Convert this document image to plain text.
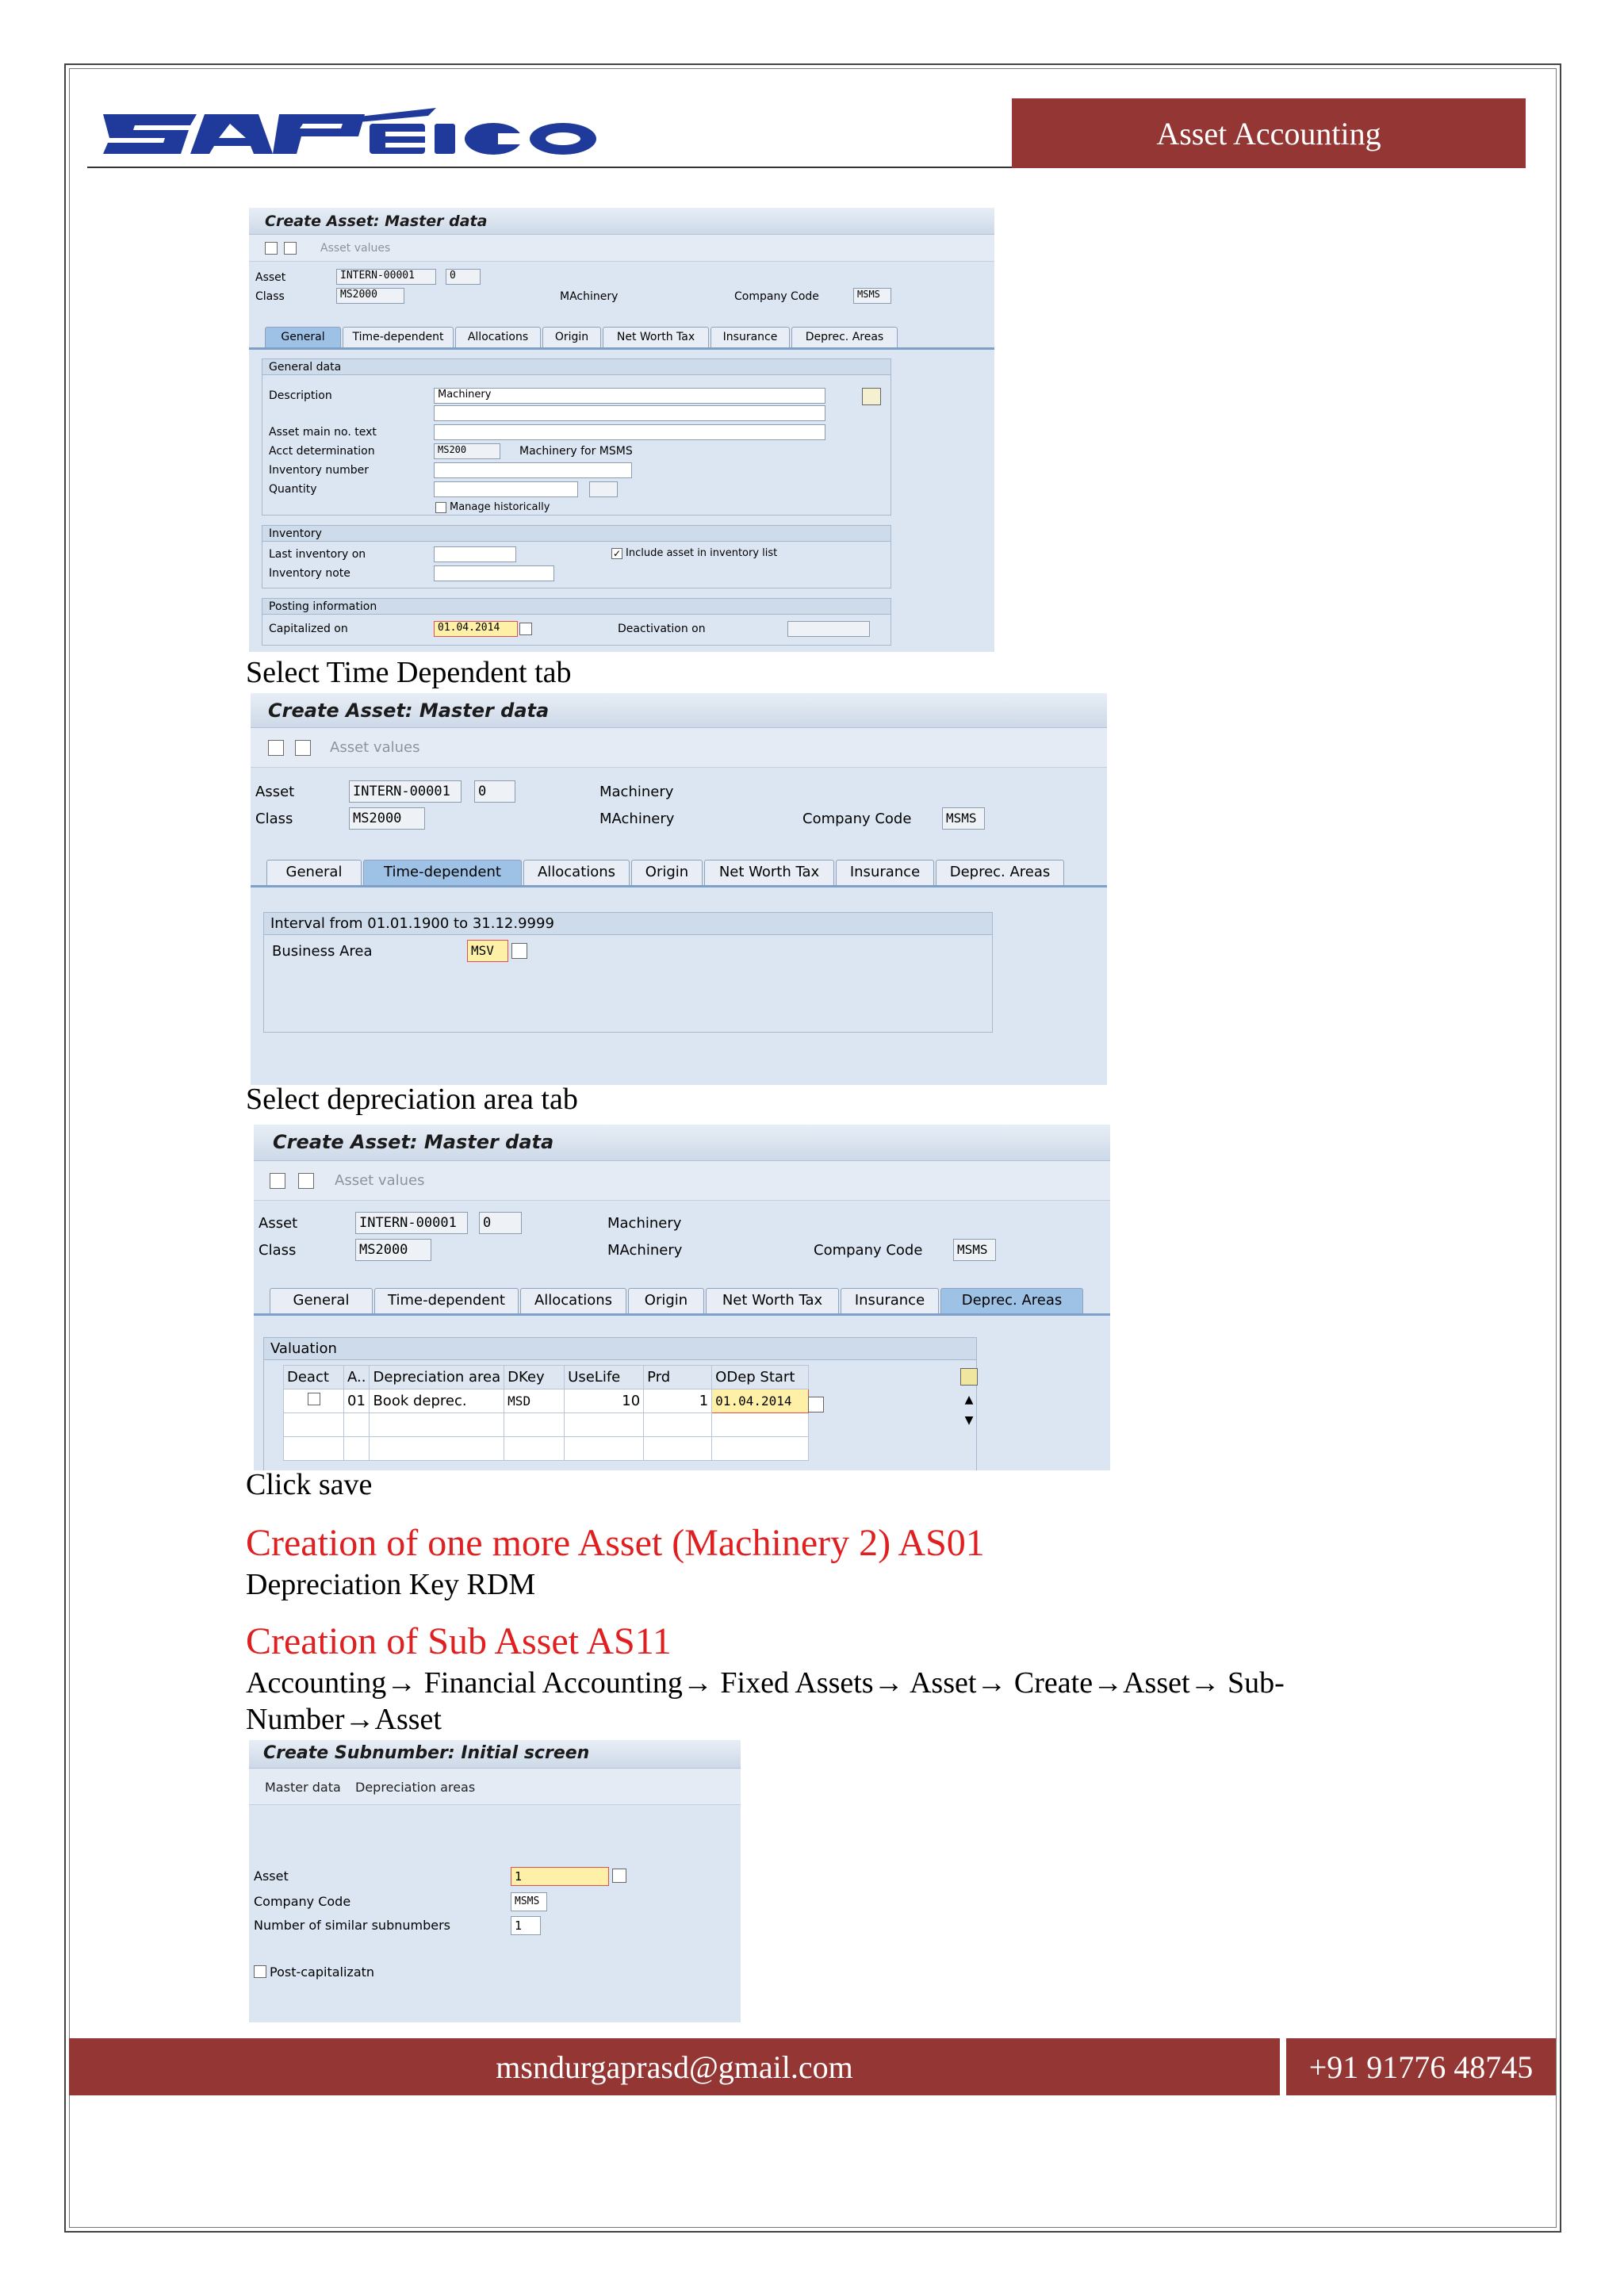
Asset Accounting
Create Asset: Master data
Asset values
Asset	INTERN-00001	0
Class	MS2000	MAchinery	Company Code	MSMS
General	Time-dependent	Allocations	Origin	Net Worth Tax	Insurance	Deprec. Areas
General data
Description	Machinery
Asset main no. text
Acct determination	MS200	Machinery for MSMS
Inventory number
Quantity
Manage historically
Inventory
Last inventory on	✓ Include asset in inventory list
Inventory note
Posting information
Capitalized on	01.04.2014	Deactivation on
Select Time Dependent tab
Create Asset: Master data
Asset values
Asset	INTERN-00001	0	Machinery
Class	MS2000	MAchinery	Company Code	MSMS
General	Time-dependent	Allocations	Origin	Net Worth Tax	Insurance	Deprec. Areas
Interval from 01.01.1900 to 31.12.9999
Business Area	MSV
Select depreciation area tab
Create Asset: Master data
Asset values
Asset	INTERN-00001	0	Machinery
Class	MS2000	MAchinery	Company Code	MSMS
General	Time-dependent	Allocations	Origin	Net Worth Tax	Insurance	Deprec. Areas
Valuation
Deact	A..	Depreciation area	DKey	UseLife	Prd	ODep Start
	01	Book deprec.	MSD	10	1	01.04.2014

							▲
▼
Click save
Creation of one more Asset (Machinery 2) AS01
Depreciation Key RDM
Creation of Sub Asset AS11
Accounting→ Financial Accounting→ Fixed Assets→ Asset→ Create→Asset→ Sub-
Number→Asset
Create Subnumber: Initial screen
Master data Depreciation areas
Asset	1
Company Code	MSMS
Number of similar subnumbers	1
Post-capitalizatn
msndurgaprasd@gmail.com	+91 91776 48745
